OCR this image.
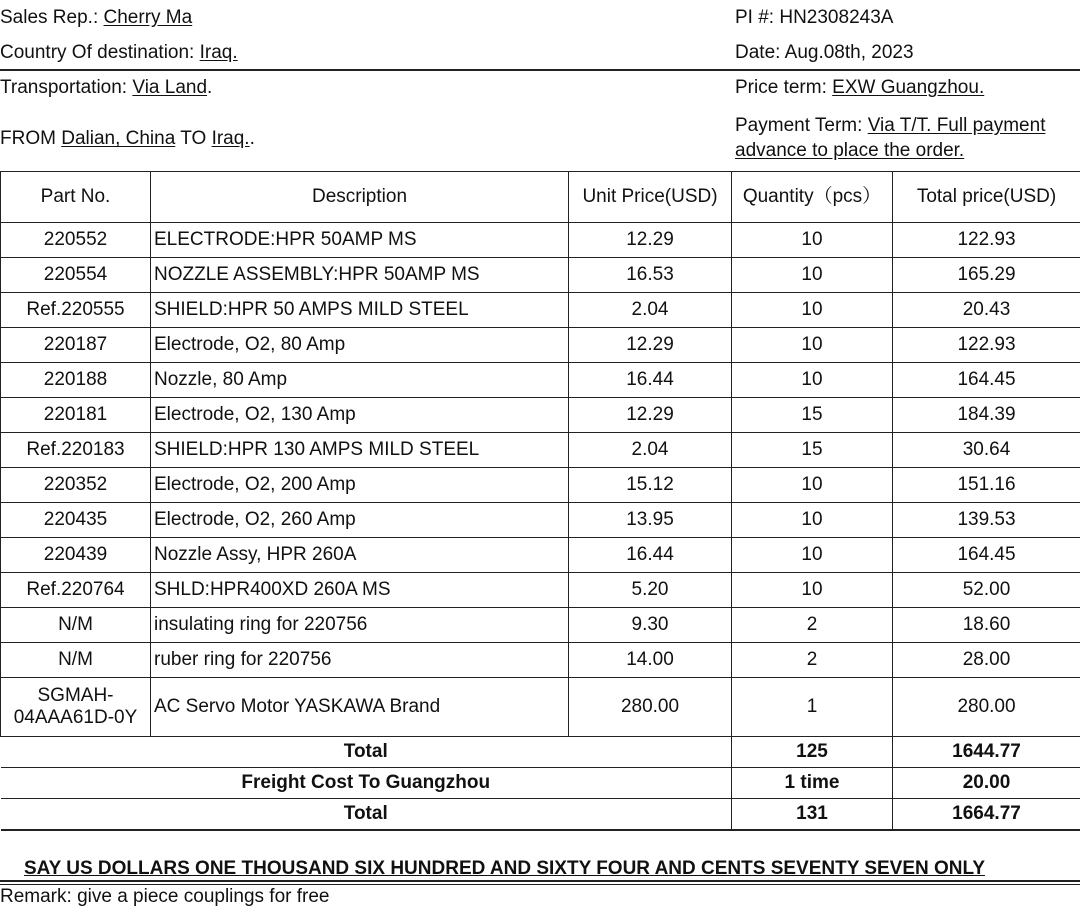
Sales Rep.: Cherry Ma	PI #: HN2308243A
Country Of destination: Iraq.	Date: Aug.08th, 2023
Transportation: Via Land.	Price term: EXW Guangzhou.
FROM Dalian, China TO Iraq..
Payment Term: Via T/T. Full payment
advance to place the order.
Part No.	Description	Unit Price(USD)	Quantity（pcs）	Total price(USD)
220552	ELECTRODE:HPR 50AMP MS	12.29	10	122.93
220554	NOZZLE ASSEMBLY:HPR 50AMP MS	16.53	10	165.29
Ref.220555	SHIELD:HPR 50 AMPS MILD STEEL	2.04	10	20.43
220187	Electrode, O2, 80 Amp	12.29	10	122.93
220188	Nozzle, 80 Amp	16.44	10	164.45
220181	Electrode, O2, 130 Amp	12.29	15	184.39
Ref.220183	SHIELD:HPR 130 AMPS MILD STEEL	2.04	15	30.64
220352	Electrode, O2, 200 Amp	15.12	10	151.16
220435	Electrode, O2, 260 Amp	13.95	10	139.53
220439	Nozzle Assy, HPR 260A	16.44	10	164.45
Ref.220764	SHLD:HPR400XD 260A MS	5.20	10	52.00
N/M	insulating ring for 220756	9.30	2	18.60
N/M	ruber ring for 220756	14.00	2	28.00

SGMAH-
04AAA61D-0Y	AC Servo Motor YASKAWA Brand	280.00	1	280.00
Total			125	1644.77
Freight Cost To Guangzhou			1 time	20.00
Total			131	1664.77
SAY US DOLLARS ONE THOUSAND SIX HUNDRED AND SIXTY FOUR AND CENTS SEVENTY SEVEN ONLY
Remark: give a piece couplings for free
